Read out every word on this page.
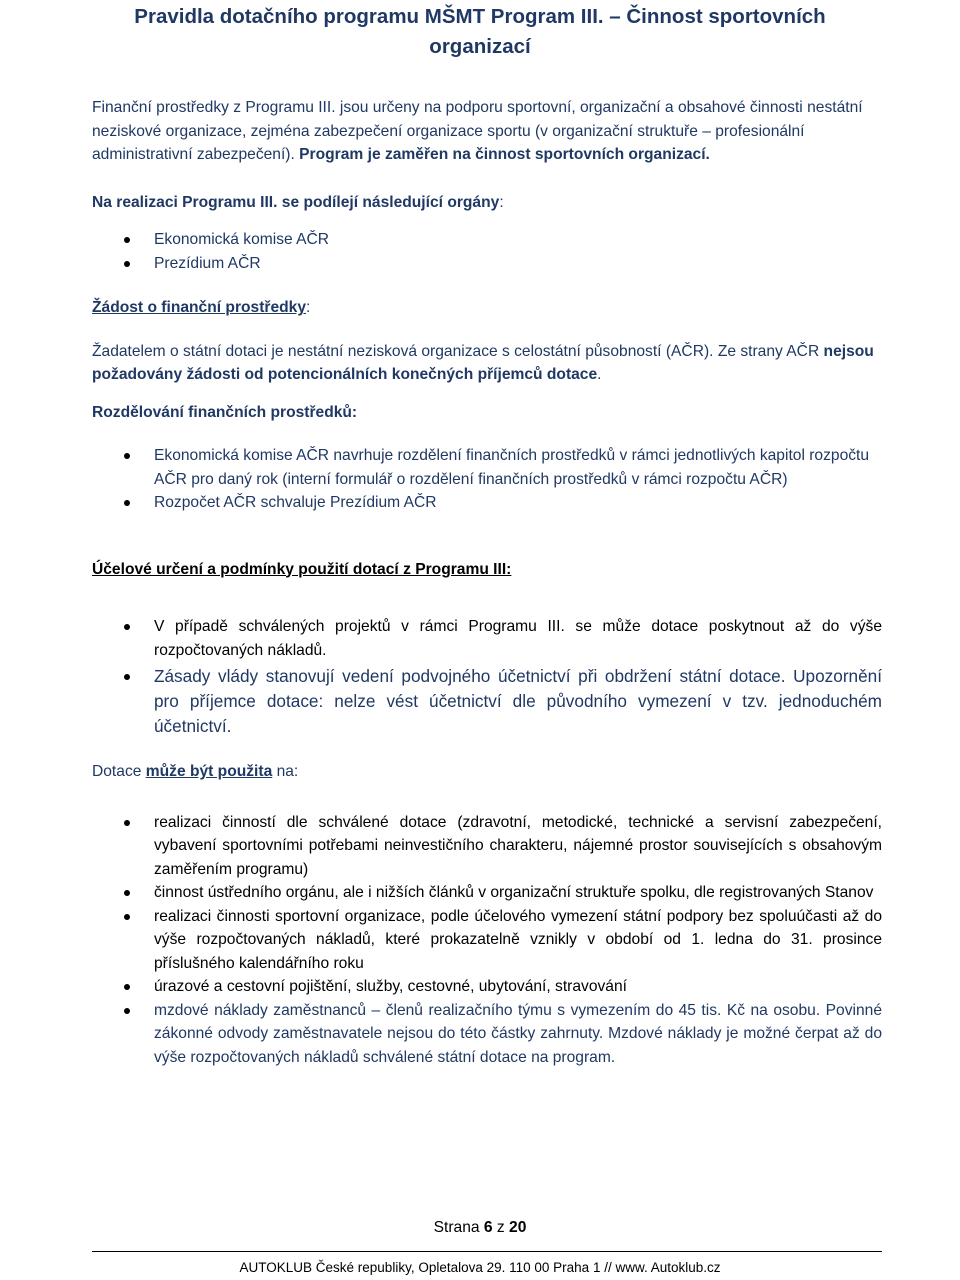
Pravidla dotačního programu MŠMT Program III. – Činnost sportovních organizací

Finanční prostředky z Programu III. jsou určeny na podporu sportovní, organizační a obsahové činnosti nestátní neziskové organizace, zejména zabezpečení organizace sportu (v organizační struktuře – profesionální administrativní zabezpečení). Program je zaměřen na činnost sportovních organizací.

Na realizaci Programu III. se podílejí následující orgány:

Ekonomická komise AČR
Prezídium AČR

Žádost o finanční prostředky:

Žadatelem o státní dotaci je nestátní nezisková organizace s celostátní působností (AČR). Ze strany AČR nejsou požadovány žádosti od potencionálních konečných příjemců dotace.

Rozdělování finančních prostředků:

Ekonomická komise AČR navrhuje rozdělení finančních prostředků v rámci jednotlivých kapitol rozpočtu AČR pro daný rok (interní formulář o rozdělení finančních prostředků v rámci rozpočtu AČR)
Rozpočet AČR schvaluje Prezídium AČR

Účelové určení a podmínky použití dotací z Programu III:

V případě schválených projektů v rámci Programu III. se může dotace poskytnout až do výše rozpočtovaných nákladů.
Zásady vlády stanovují vedení podvojného účetnictví při obdržení státní dotace. Upozornění pro příjemce dotace: nelze vést účetnictví dle původního vymezení v tzv. jednoduchém účetnictví.

Dotace může být použita na:

realizaci činností dle schválené dotace (zdravotní, metodické, technické a servisní zabezpečení, vybavení sportovními potřebami neinvestičního charakteru, nájemné prostor souvisejících s obsahovým zaměřením programu)
činnost ústředního orgánu, ale i nižších článků v organizační struktuře spolku, dle registrovaných Stanov
realizaci činnosti sportovní organizace, podle účelového vymezení státní podpory bez spoluúčasti až do výše rozpočtovaných nákladů, které prokazatelně vznikly v období od 1. ledna do 31. prosince příslušného kalendářního roku
úrazové a cestovní pojištění, služby, cestovné, ubytování, stravování
mzdové náklady zaměstnanců – členů realizačního týmu s vymezením do 45 tis. Kč na osobu. Povinné zákonné odvody zaměstnavatele nejsou do této částky zahrnuty. Mzdové náklady je možné čerpat až do výše rozpočtovaných nákladů schválené státní dotace na program.
Strana 6 z 20
AUTOKLUB České republiky, Opletalova 29. 110 00 Praha 1 // www. Autoklub.cz
